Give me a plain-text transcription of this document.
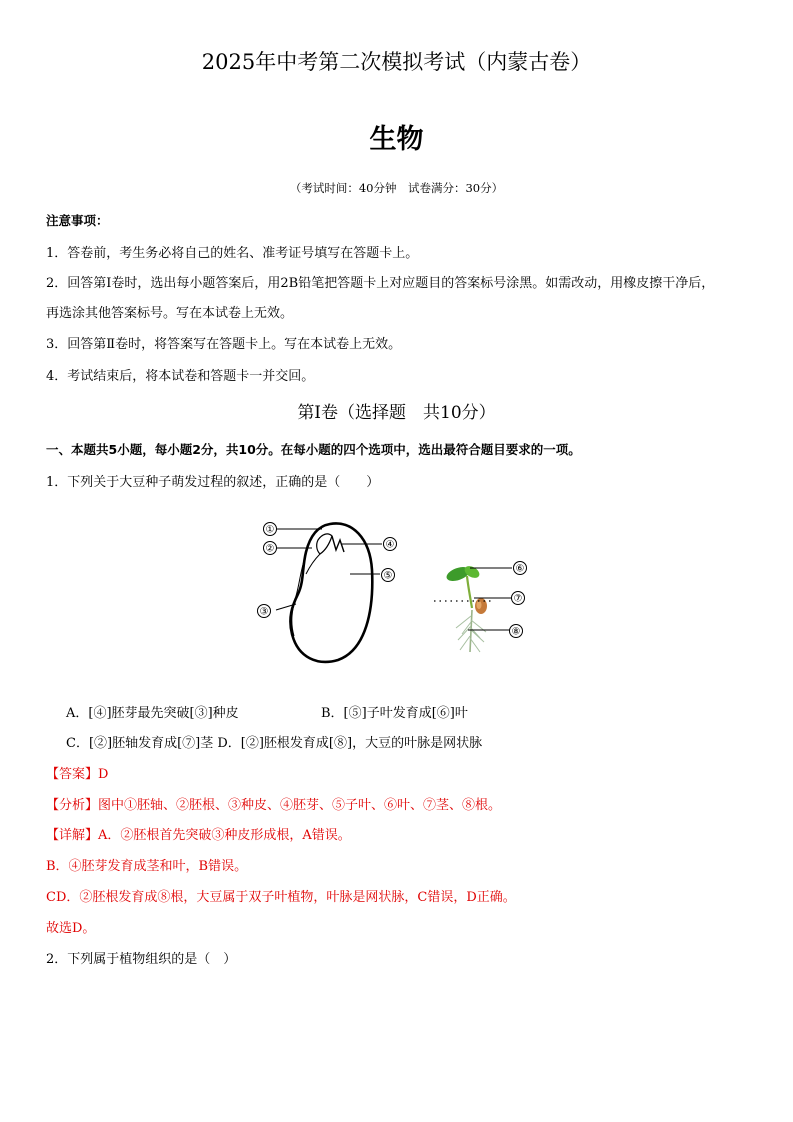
2025年中考第二次模拟考试（内蒙古卷）
生物
（考试时间：40分钟　试卷满分：30分）
注意事项：
1．答卷前，考生务必将自己的姓名、准考证号填写在答题卡上。
2．回答第Ⅰ卷时，选出每小题答案后，用2B铅笔把答题卡上对应题目的答案标号涂黑。如需改动，用橡皮擦干净后，
再选涂其他答案标号。写在本试卷上无效。
3．回答第Ⅱ卷时，将答案写在答题卡上。写在本试卷上无效。
4．考试结束后，将本试卷和答题卡一并交回。
第Ⅰ卷（选择题　共10分）
一、本题共5小题，每小题2分，共10分。在每小题的四个选项中，选出最符合题目要求的一项。
1．下列关于大豆种子萌发过程的叙述，正确的是（　　）
①
②
③
④
⑤
⑥
⑦
⑧
A．[④]胚芽最先突破[③]种皮	B．[⑤]子叶发育成[⑥]叶
C．[②]胚轴发育成[⑦]茎 D．[②]胚根发育成[⑧]，大豆的叶脉是网状脉
【答案】D
【分析】图中①胚轴、②胚根、③种皮、④胚芽、⑤子叶、⑥叶、⑦茎、⑧根。
【详解】A．②胚根首先突破③种皮形成根，A错误。
B．④胚芽发育成茎和叶，B错误。
CD．②胚根发育成⑧根，大豆属于双子叶植物，叶脉是网状脉，C错误，D正确。
故选D。
2．下列属于植物组织的是（　）
